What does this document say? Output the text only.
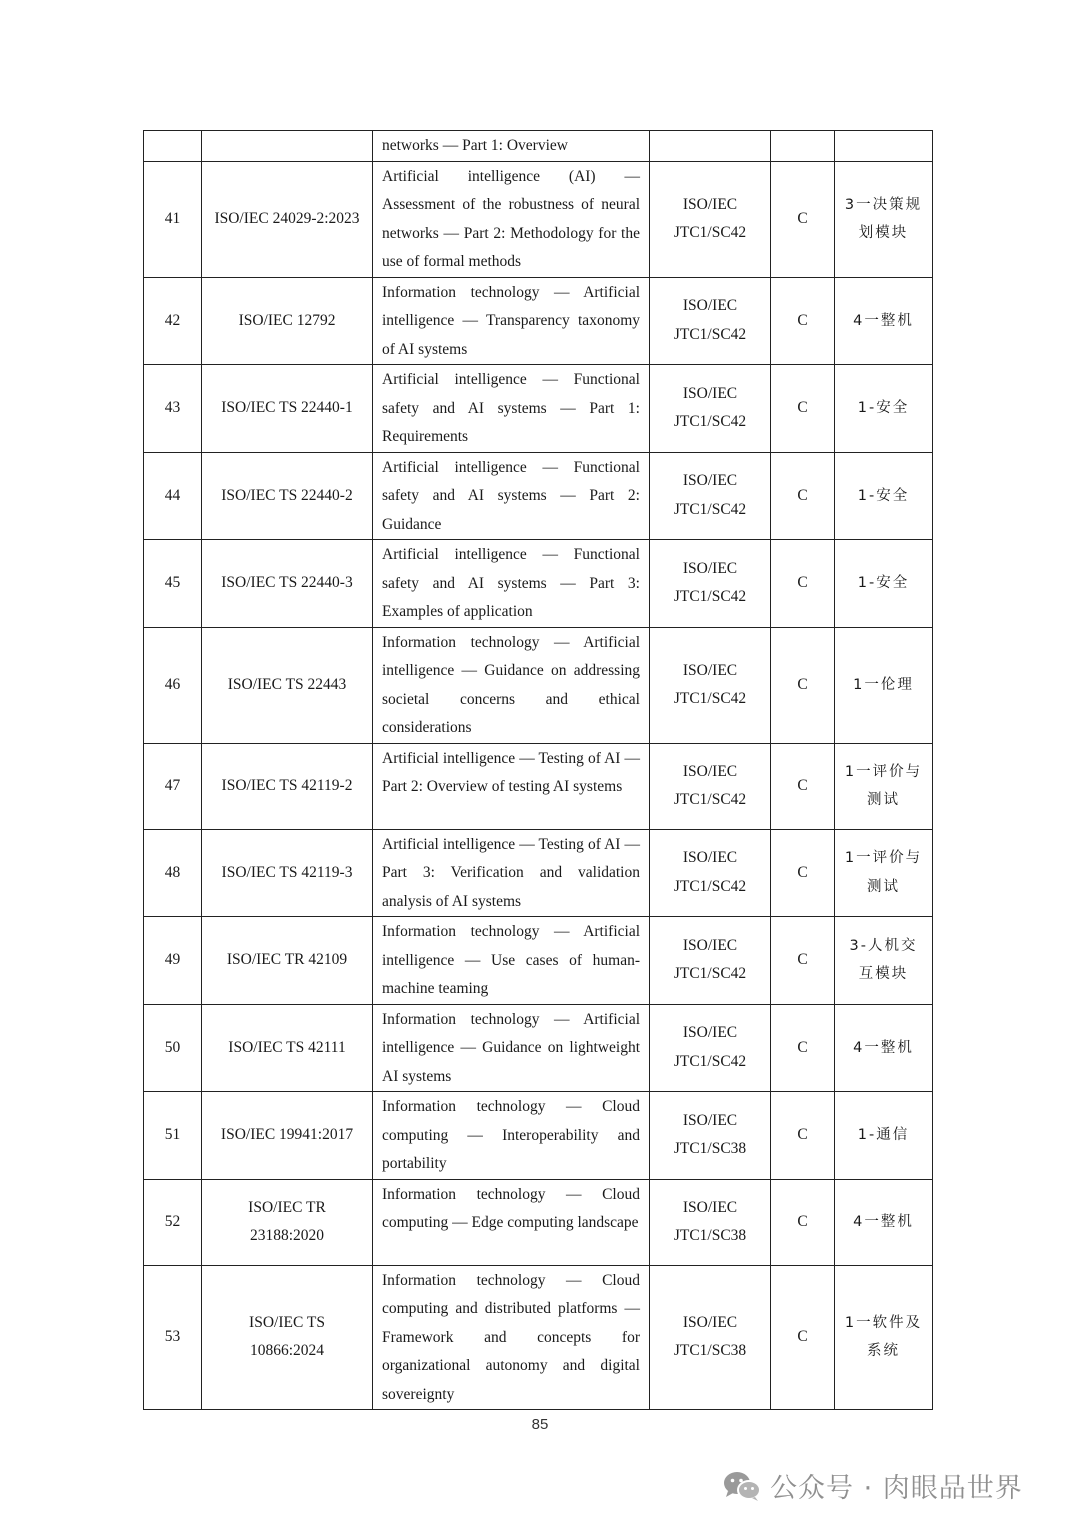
		networks — Part 1: Overview			
41	ISO/IEC 24029-2:2023	Artificial intelligence (AI) — Assessment of the robustness of neural networks — Part 2: Methodology for the use of formal methods	ISO/IEC JTC1/SC42	C	3一决策规划模块
42	ISO/IEC 12792	Information technology — Artificial intelligence — Transparency taxonomy of AI systems	ISO/IEC JTC1/SC42	C	4一整机
43	ISO/IEC TS 22440-1	Artificial intelligence — Functional safety and AI systems — Part 1: Requirements	ISO/IEC JTC1/SC42	C	1-安全
44	ISO/IEC TS 22440-2	Artificial intelligence — Functional safety and AI systems — Part 2: Guidance	ISO/IEC JTC1/SC42	C	1-安全
45	ISO/IEC TS 22440-3	Artificial intelligence — Functional safety and AI systems — Part 3: Examples of application	ISO/IEC JTC1/SC42	C	1-安全
46	ISO/IEC TS 22443	Information technology — Artificial intelligence — Guidance on addressing societal concerns and ethical considerations	ISO/IEC JTC1/SC42	C	1一伦理
47	ISO/IEC TS 42119-2	Artificial intelligence — Testing of AI — Part 2: Overview of testing AI systems	ISO/IEC JTC1/SC42	C	1一评价与测试
48	ISO/IEC TS 42119-3	Artificial intelligence — Testing of AI — Part 3: Verification and validation analysis of AI systems	ISO/IEC JTC1/SC42	C	1一评价与测试
49	ISO/IEC TR 42109	Information technology — Artificial intelligence — Use cases of human-machine teaming	ISO/IEC JTC1/SC42	C	3-人机交互模块
50	ISO/IEC TS 42111	Information technology — Artificial intelligence — Guidance on lightweight AI systems	ISO/IEC JTC1/SC42	C	4一整机
51	ISO/IEC 19941:2017	Information technology — Cloud computing — Interoperability and portability	ISO/IEC JTC1/SC38	C	1-通信
52	ISO/IEC TR 23188:2020	Information technology — Cloud computing — Edge computing landscape	ISO/IEC JTC1/SC38	C	4一整机
53	ISO/IEC TS 10866:2024	Information technology — Cloud computing and distributed platforms — Framework and concepts for organizational autonomy and digital sovereignty	ISO/IEC JTC1/SC38	C	1一软件及系统
85
公众号 · 肉眼品世界
